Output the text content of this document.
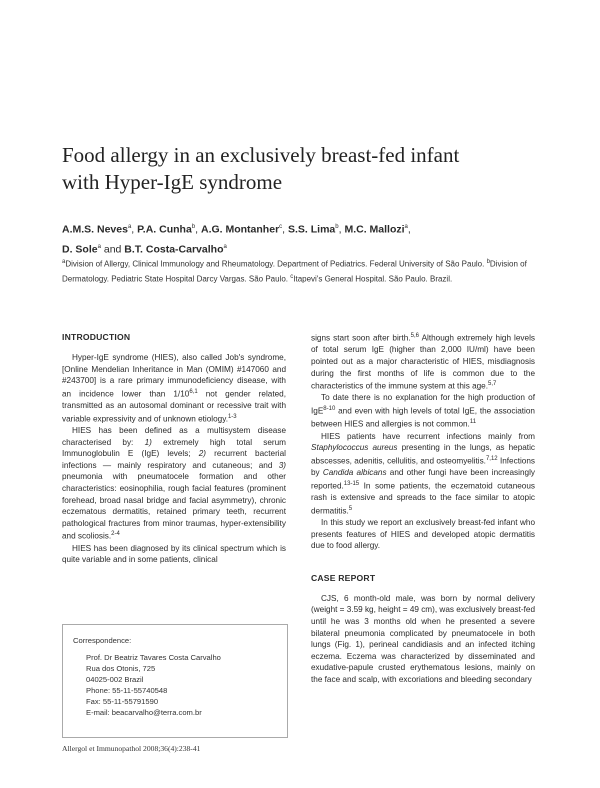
Food allergy in an exclusively breast-fed infant
with Hyper-IgE syndrome
A.M.S. Neves$^a$, P.A. Cunha$^b$, A.G. Montanher$^c$, S.S. Lima$^b$, M.C. Mallozi$^a$,
D. Sole$^a$ and B.T. Costa-Carvalho$^a$
$^a$Division of Allergy, Clinical Immunology and Rheumatology. Department of Pediatrics. Federal University of São Paulo. $^b$Division of Dermatology. Pediatric State Hospital Darcy Vargas. São Paulo. $^c$Itapevi's General Hospital. São Paulo. Brazil.
INTRODUCTION

Hyper-IgE syndrome (HIES), also called Job's syndrome, [Online Mendelian Inheritance in Man (OMIM) #147060 and #243700] is a rare primary immunodeficiency disease, with an incidence lower than 1/10$^{6,1}$ not gender related, transmitted as an autosomal dominant or recessive trait with variable expressivity and of unknown etiology.$^{1-3}$

HIES has been defined as a multisystem disease characterised by: 1) extremely high total serum Immunoglobulin E (IgE) levels; 2) recurrent bacterial infections — mainly respiratory and cutaneous; and 3) pneumonia with pneumatocele formation and other characteristics: eosinophilia, rough facial features (prominent forehead, broad nasal bridge and facial asymmetry), chronic eczematous dermatitis, retained primary teeth, recurrent pathological fractures from minor traumas, hyper-extensibility and scoliosis.$^{2-4}$

HIES has been diagnosed by its clinical spectrum which is quite variable and in some patients, clinical

signs start soon after birth.$^{5,6}$ Although extremely high levels of total serum IgE (higher than 2,000 IU/ml) have been pointed out as a major characteristic of HIES, misdiagnosis during the first months of life is common due to the characteristics of the immune system at this age.$^{5,7}$

To date there is no explanation for the high production of IgE$^{8-10}$ and even with high levels of total IgE, the association between HIES and allergies is not common.$^{11}$

HIES patients have recurrent infections mainly from Staphylococcus aureus presenting in the lungs, as hepatic abscesses, adenitis, cellulitis, and osteomyelitis.$^{7,12}$ Infections by Candida albicans and other fungi have been increasingly reported.$^{13-15}$ In some patients, the eczematoid cutaneous rash is extensive and spreads to the face similar to atopic dermatitis.$^5$

In this study we report an exclusively breast-fed infant who presents features of HIES and developed atopic dermatitis due to food allergy.

CASE REPORT

CJS, 6 month-old male, was born by normal delivery (weight = 3.59 kg, height = 49 cm), was exclusively breast-fed until he was 3 months old when he presented a severe bilateral pneumonia complicated by pneumatocele in both lungs (Fig. 1), perineal candidiasis and an infected itching eczema. Eczema was characterized by disseminated and exudative-papule crusted erythematous lesions, mainly on the face and scalp, with excoriations and bleeding secondary

Correspondence:
Prof. Dr Beatriz Tavares Costa Carvalho
Rua dos Otonis, 725
04025-002 Brazil
Phone: 55-11-55740548
Fax: 55-11-55791590
E-mail: beacarvalho@terra.com.br
Allergol et Immunopathol 2008;36(4):238-41
